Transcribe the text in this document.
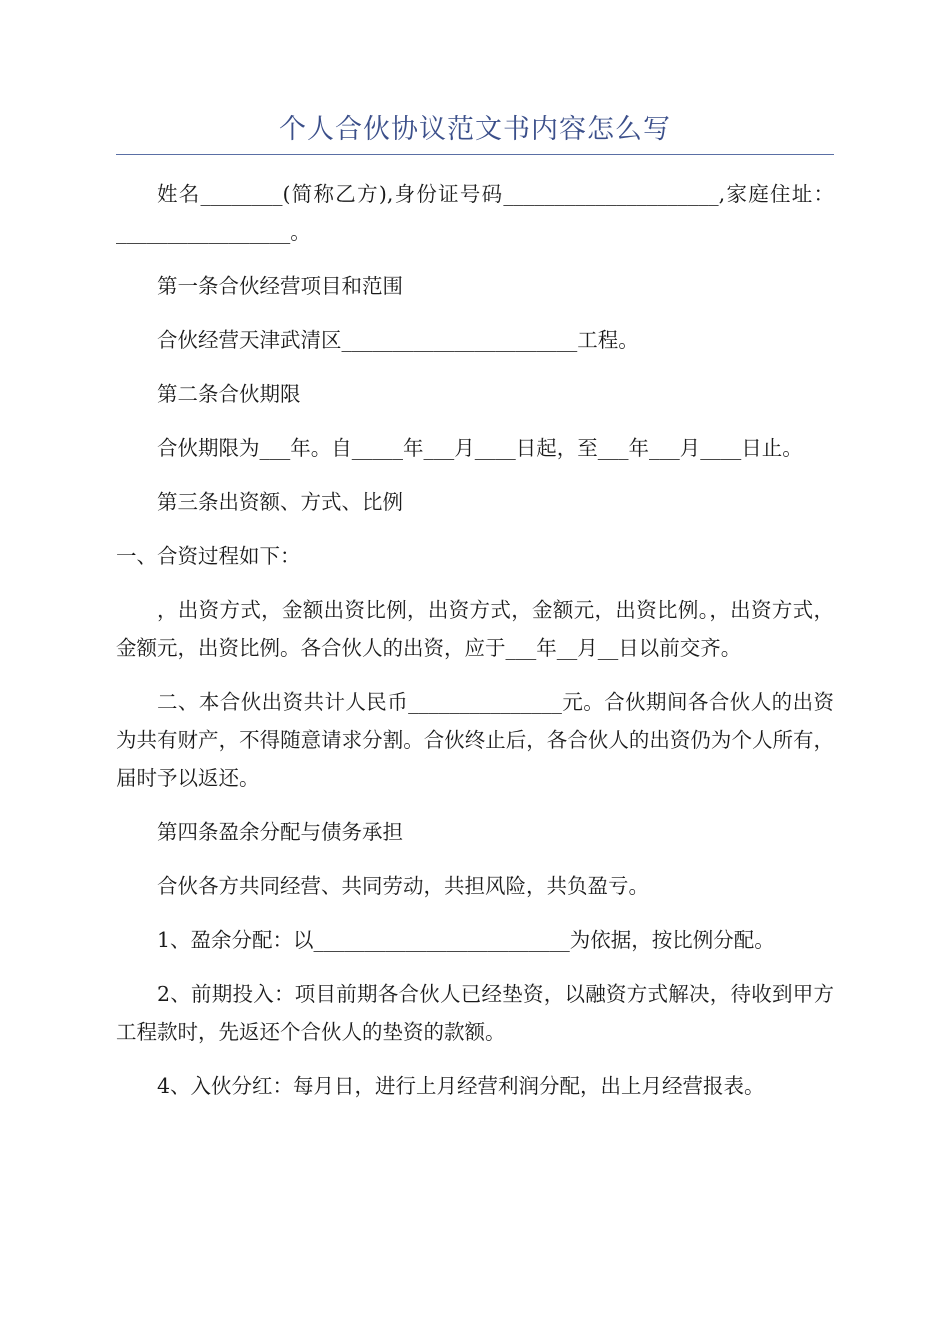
个人合伙协议范文书内容怎么写

姓名________(简称乙方),身份证号码_____________________,家庭住址：_________________。

第一条合伙经营项目和范围

合伙经营天津武清区_______________________工程。

第二条合伙期限

合伙期限为___年。自_____年___月____日起，至___年___月____日止。

第三条出资额、方式、比例

一、合资过程如下：

，出资方式，金额出资比例，出资方式，金额元，出资比例。，出资方式，金额元，出资比例。各合伙人的出资，应于___年__月__日以前交齐。

二、本合伙出资共计人民币_______________元。合伙期间各合伙人的出资为共有财产，不得随意请求分割。合伙终止后，各合伙人的出资仍为个人所有，届时予以返还。

第四条盈余分配与债务承担

合伙各方共同经营、共同劳动，共担风险，共负盈亏。

1、盈余分配：以_________________________为依据，按比例分配。

2、前期投入：项目前期各合伙人已经垫资，以融资方式解决，待收到甲方工程款时，先返还个合伙人的垫资的款额。

4、入伙分红：每月日，进行上月经营利润分配，出上月经营报表。
